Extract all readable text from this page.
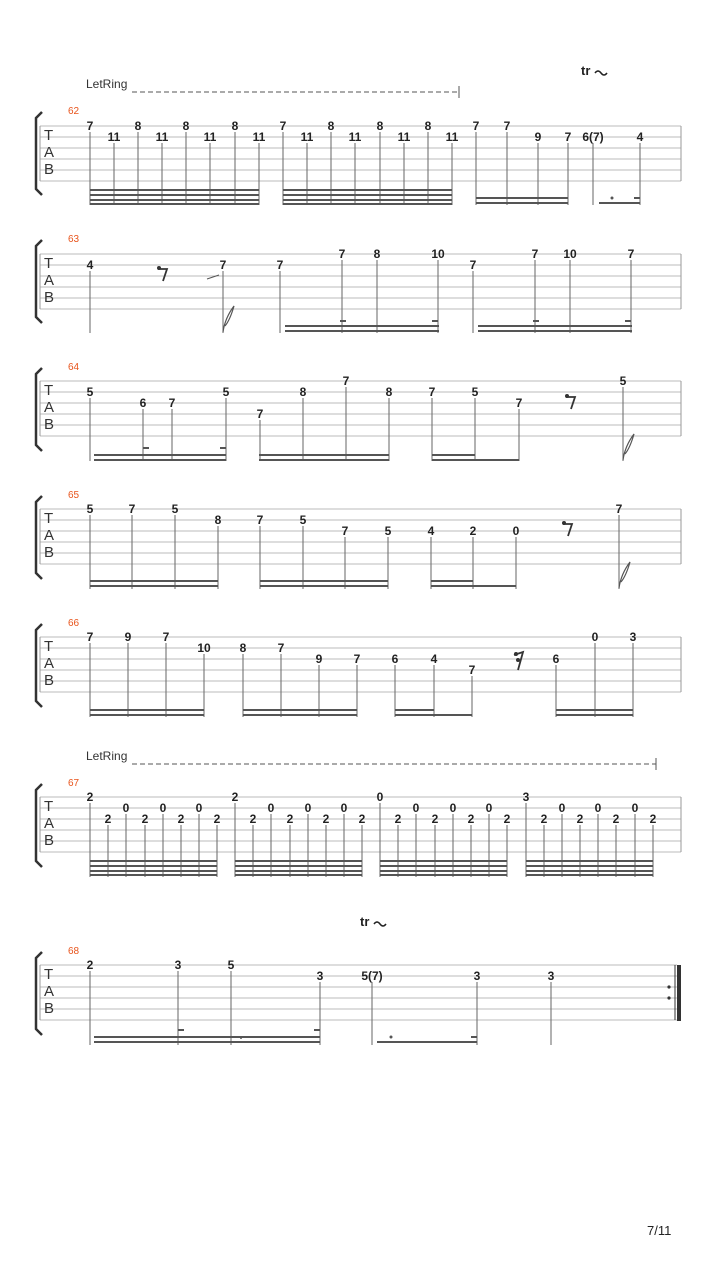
LetRing
tr
62
T
A
B
7
11
8
11
8
11
8
11
7
11
8
11
8
11
8
11
7 7
9 7 6(7)	4
63
T
A
B
4	7	7
7 8	10
7
7 10	7
64
T
A
B
5
6 7
5
7
8
7
8	7	5
7
5
65
T
A
B
5	7	5
8	7	5
7	5	4	2	0
7
66
T
A
B
7	9	7
10 8	7
9	7	6	4
7
6
0	3
LetRing
67
T
A
B
2
2
0
2
0
2
0
2
2
2
0
2
0
2
0
2
0
2
0
2
0
2
0
2
3
2
0
2
0
2
0
2
tr
68
T
A
B
2	3	5
3	5(7)	3	3
7/11
